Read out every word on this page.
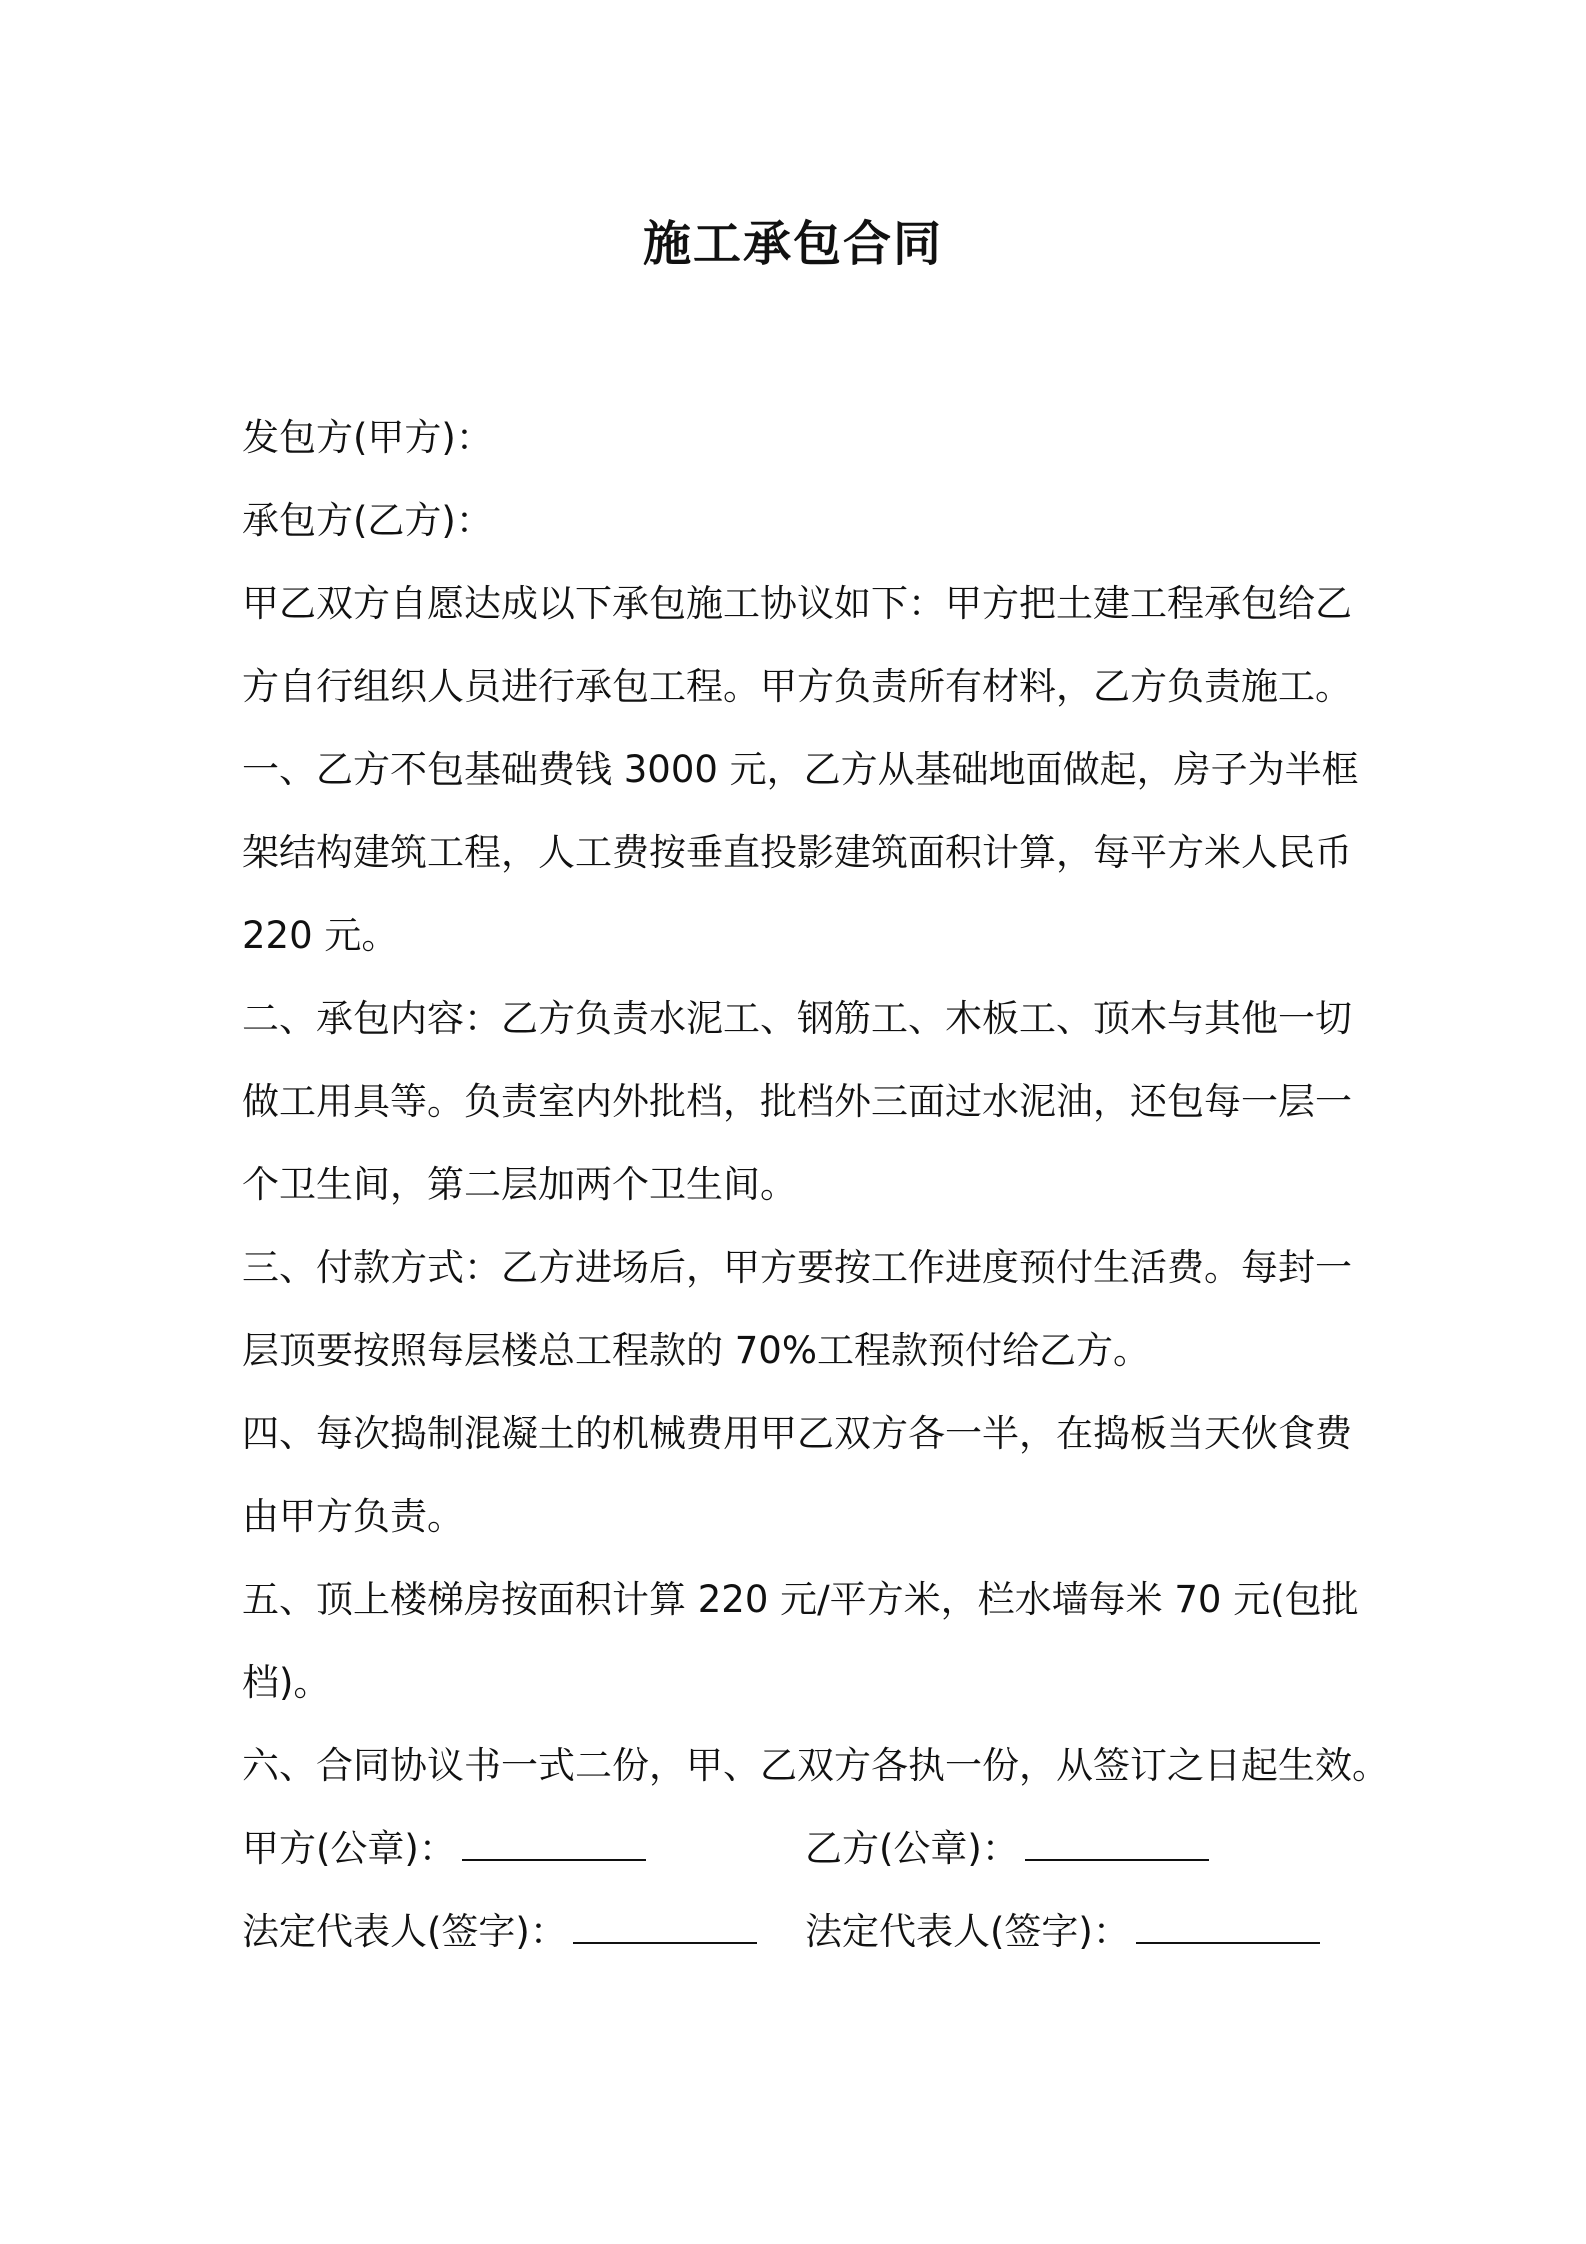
施工承包合同
发包方(甲方)：
承包方(乙方)：
甲乙双方自愿达成以下承包施工协议如下：甲方把土建工程承包给乙
方自行组织人员进行承包工程。甲方负责所有材料，乙方负责施工。
一、乙方不包基础费钱 3000 元，乙方从基础地面做起，房子为半框
架结构建筑工程，人工费按垂直投影建筑面积计算，每平方米人民币
220 元。
二、承包内容：乙方负责水泥工、钢筋工、木板工、顶木与其他一切
做工用具等。负责室内外批档，批档外三面过水泥油，还包每一层一
个卫生间，第二层加两个卫生间。
三、付款方式：乙方进场后，甲方要按工作进度预付生活费。每封一
层顶要按照每层楼总工程款的 70%工程款预付给乙方。
四、每次捣制混凝土的机械费用甲乙双方各一半，在捣板当天伙食费
由甲方负责。
五、顶上楼梯房按面积计算 220 元/平方米，栏水墙每米 70 元(包批
档)。
六、合同协议书一式二份，甲、乙双方各执一份，从签订之日起生效。
甲方(公章)：	乙方(公章)：
法定代表人(签字)：	法定代表人(签字)：
